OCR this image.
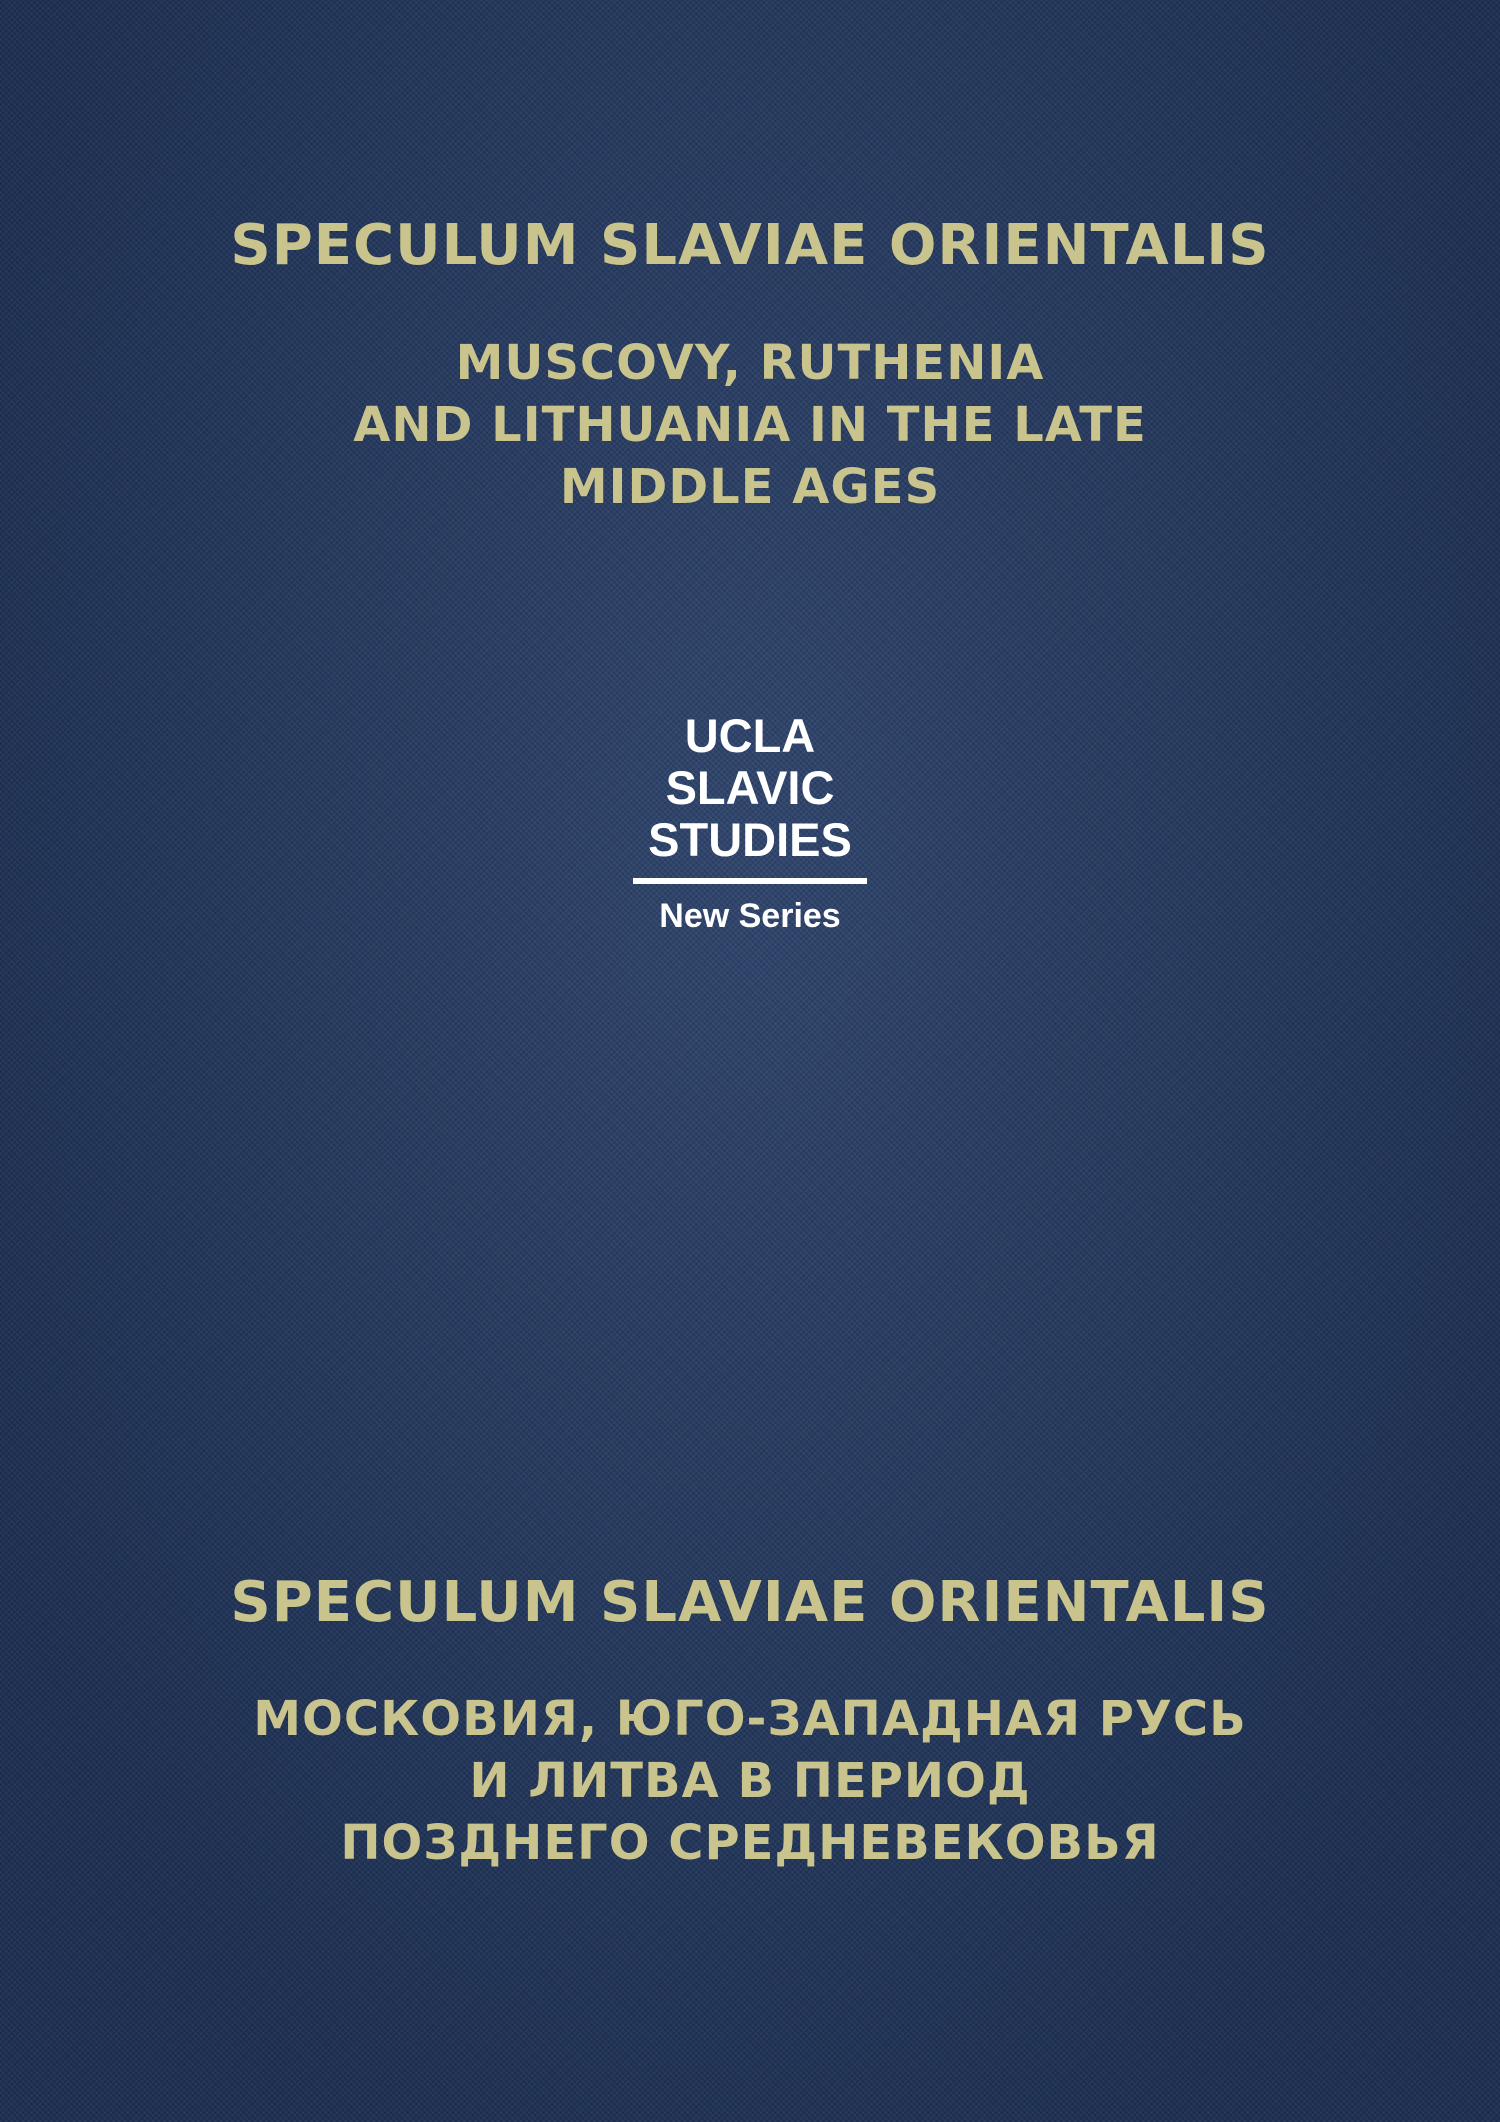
SPECULUM SLAVIAE ORIENTALIS
MUSCOVY, RUTHENIA
AND LITHUANIA IN THE LATE
MIDDLE AGES
UCLA
SLAVIC
STUDIES
New Series
SPECULUM SLAVIAE ORIENTALIS
МОСКОВИЯ, ЮГО-ЗАПАДНАЯ РУСЬ
И ЛИТВА В ПЕРИОД
ПОЗДНЕГО СРЕДНЕВЕКОВЬЯ
